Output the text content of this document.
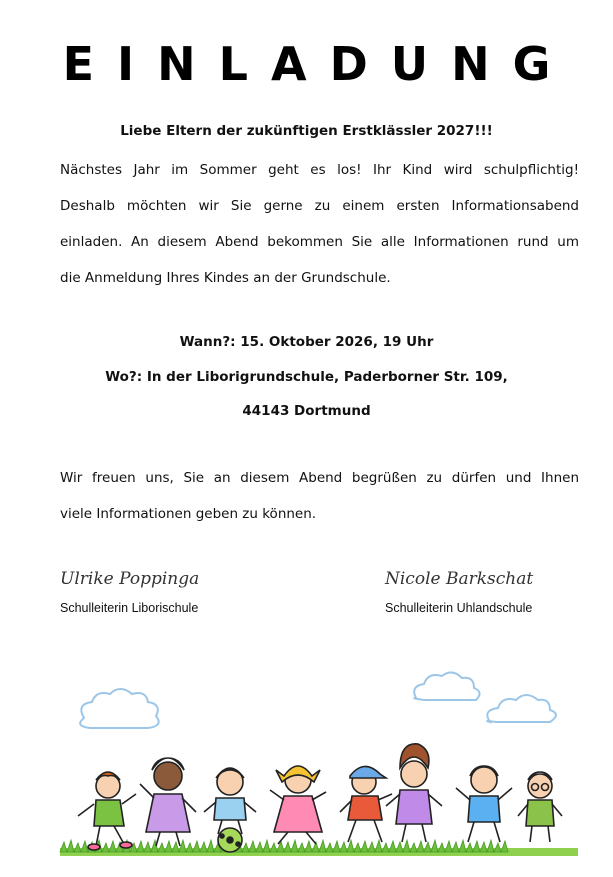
EINLADUNG
Liebe Eltern der zukünftigen Erstklässler 2027!!!
Nächstes Jahr im Sommer geht es los! Ihr Kind wird schulpflichtig!
Deshalb möchten wir Sie gerne zu einem ersten Informationsabend
einladen. An diesem Abend bekommen Sie alle Informationen rund um
die Anmeldung Ihres Kindes an der Grundschule.
Wann?: 15. Oktober 2026, 19 Uhr
Wo?: In der Liborigrundschule, Paderborner Str. 109,
44143 Dortmund
Wir freuen uns, Sie an diesem Abend begrüßen zu dürfen und Ihnen
viele Informationen geben zu können.
Ulrike Poppinga
Schulleiterin Liborischule
Nicole Barkschat
Schulleiterin Uhlandschule
